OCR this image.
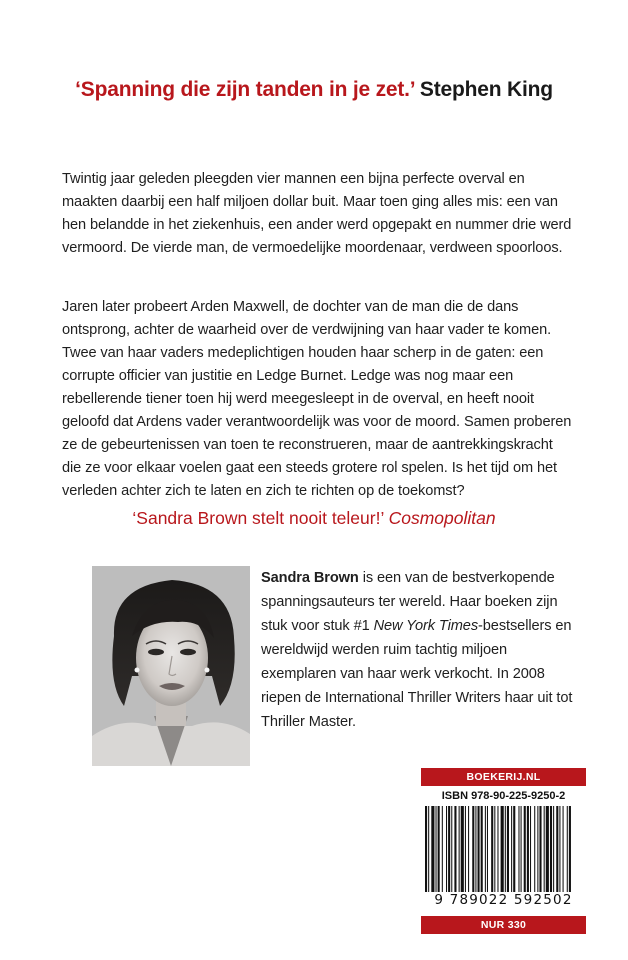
‘Spanning die zijn tanden in je zet.’ Stephen King

Twintig jaar geleden pleegden vier mannen een bijna perfecte overval en maakten daarbij een half miljoen dollar buit. Maar toen ging alles mis: een van hen belandde in het ziekenhuis, een ander werd opgepakt en nummer drie werd vermoord. De vierde man, de vermoedelijke moordenaar, verdween spoorloos.

Jaren later probeert Arden Maxwell, de dochter van de man die de dans ontsprong, achter de waarheid over de verdwijning van haar vader te komen. Twee van haar vaders medeplichtigen houden haar scherp in de gaten: een corrupte officier van justitie en Ledge Burnet. Ledge was nog maar een rebellerende tiener toen hij werd meegesleept in de overval, en heeft nooit geloofd dat Ardens vader verantwoordelijk was voor de moord. Samen proberen ze de gebeurtenissen van toen te reconstrueren, maar de aantrekkingskracht die ze voor elkaar voelen gaat een steeds grotere rol spelen. Is het tijd om het verleden achter zich te laten en zich te richten op de toekomst?

‘Sandra Brown stelt nooit teleur!’ Cosmopolitan

Sandra Brown is een van de bestverkopende spanningsauteurs ter wereld. Haar boeken zijn stuk voor stuk #1 New York Times-bestsellers en wereldwijd werden ruim tachtig miljoen exemplaren van haar werk verkocht. In 2008 riepen de International Thriller Writers haar uit tot Thriller Master.

BOEKERIJ.NL
ISBN 978-90-225-9250-2
9 789022 592502
NUR 330
